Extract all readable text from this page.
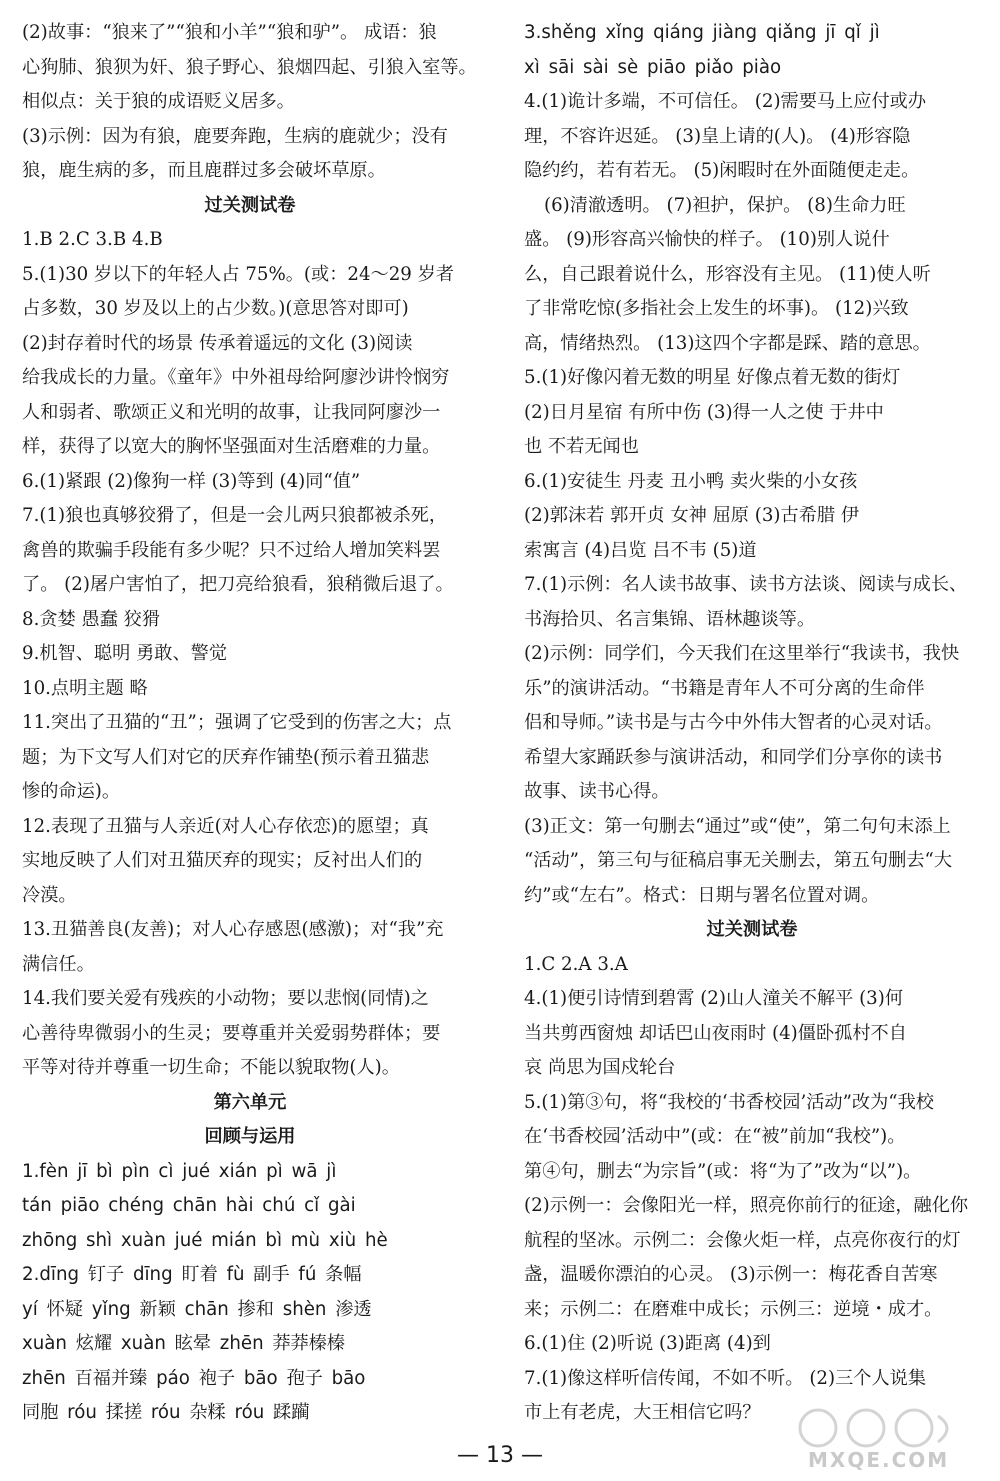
(2)故事：“狼来了”“狼和小羊”“狼和驴”。 成语：狼
心狗肺、狼狈为奸、狼子野心、狼烟四起、引狼入室等。
相似点：关于狼的成语贬义居多。
(3)示例：因为有狼，鹿要奔跑，生病的鹿就少；没有
狼，鹿生病的多，而且鹿群过多会破坏草原。
过关测试卷
1.B 2.C 3.B 4.B
5.(1)30 岁以下的年轻人占 75%。(或：24～29 岁者
占多数，30 岁及以上的占少数。)(意思答对即可)
(2)封存着时代的场景 传承着遥远的文化 (3)阅读
给我成长的力量。《童年》中外祖母给阿廖沙讲怜悯穷
人和弱者、歌颂正义和光明的故事，让我同阿廖沙一
样，获得了以宽大的胸怀坚强面对生活磨难的力量。
6.(1)紧跟 (2)像狗一样 (3)等到 (4)同“值”
7.(1)狼也真够狡猾了，但是一会儿两只狼都被杀死，
禽兽的欺骗手段能有多少呢？只不过给人增加笑料罢
了。 (2)屠户害怕了，把刀亮给狼看，狼稍微后退了。
8.贪婪 愚蠢 狡猾
9.机智、聪明 勇敢、警觉
10.点明主题 略
11.突出了丑猫的“丑”；强调了它受到的伤害之大；点
题；为下文写人们对它的厌弃作铺垫(预示着丑猫悲
惨的命运)。
12.表现了丑猫与人亲近(对人心存依恋)的愿望；真
实地反映了人们对丑猫厌弃的现实；反衬出人们的
冷漠。
13.丑猫善良(友善)；对人心存感恩(感激)；对“我”充
满信任。
14.我们要关爱有残疾的小动物；要以悲悯(同情)之
心善待卑微弱小的生灵；要尊重并关爱弱势群体；要
平等对待并尊重一切生命；不能以貌取物(人)。
第六单元
回顾与运用
1.fèn jī bì pìn cì jué xián pì wā jì
tán piāo chéng chān hài chú cǐ gài
zhōng shì xuàn jué mián bì mù xiù hè
2.dīng 钉子 dīng 盯着 fù 副手 fú 条幅
yí 怀疑 yǐng 新颖 chān 掺和 shèn 渗透
xuàn 炫耀 xuàn 眩晕 zhēn 莽莽榛榛
zhēn 百福并臻 páo 袍子 bāo 孢子 bāo
同胞 róu 揉搓 róu 杂糅 róu 蹂躏
3.shěng xǐng qiáng jiàng qiǎng jī qǐ jì
xì sāi sài sè piāo piǎo piào
4.(1)诡计多端，不可信任。 (2)需要马上应付或办
理，不容许迟延。 (3)皇上请的(人)。 (4)形容隐
隐约约，若有若无。 (5)闲暇时在外面随便走走。
(6)清澈透明。 (7)袒护，保护。 (8)生命力旺
盛。 (9)形容高兴愉快的样子。 (10)别人说什
么，自己跟着说什么，形容没有主见。 (11)使人听
了非常吃惊(多指社会上发生的坏事)。 (12)兴致
高，情绪热烈。 (13)这四个字都是踩、踏的意思。
5.(1)好像闪着无数的明星 好像点着无数的街灯
(2)日月星宿 有所中伤 (3)得一人之使 于井中
也 不若无闻也
6.(1)安徒生 丹麦 丑小鸭 卖火柴的小女孩
(2)郭沫若 郭开贞 女神 屈原 (3)古希腊 伊
索寓言 (4)吕览 吕不韦 (5)道
7.(1)示例：名人读书故事、读书方法谈、阅读与成长、
书海拾贝、名言集锦、语林趣谈等。
(2)示例：同学们，今天我们在这里举行“我读书，我快
乐”的演讲活动。“书籍是青年人不可分离的生命伴
侣和导师。”读书是与古今中外伟大智者的心灵对话。
希望大家踊跃参与演讲活动，和同学们分享你的读书
故事、读书心得。
(3)正文：第一句删去“通过”或“使”，第二句句末添上
“活动”，第三句与征稿启事无关删去，第五句删去“大
约”或“左右”。格式：日期与署名位置对调。
过关测试卷
1.C 2.A 3.A
4.(1)便引诗情到碧霄 (2)山人潼关不解平 (3)何
当共剪西窗烛 却话巴山夜雨时 (4)僵卧孤村不自
哀 尚思为国戍轮台
5.(1)第③句，将“我校的‘书香校园’活动”改为“我校
在‘书香校园’活动中”(或：在“被”前加“我校”)。
第④句，删去“为宗旨”(或：将“为了”改为“以”)。
(2)示例一：会像阳光一样，照亮你前行的征途，融化你
航程的坚冰。示例二：会像火炬一样，点亮你夜行的灯
盏，温暖你漂泊的心灵。 (3)示例一：梅花香自苦寒
来；示例二：在磨难中成长；示例三：逆境・成才。
6.(1)住 (2)听说 (3)距离 (4)到
7.(1)像这样听信传闻，不如不听。 (2)三个人说集
市上有老虎，大王相信它吗？
— 13 —	MXQE.COM
